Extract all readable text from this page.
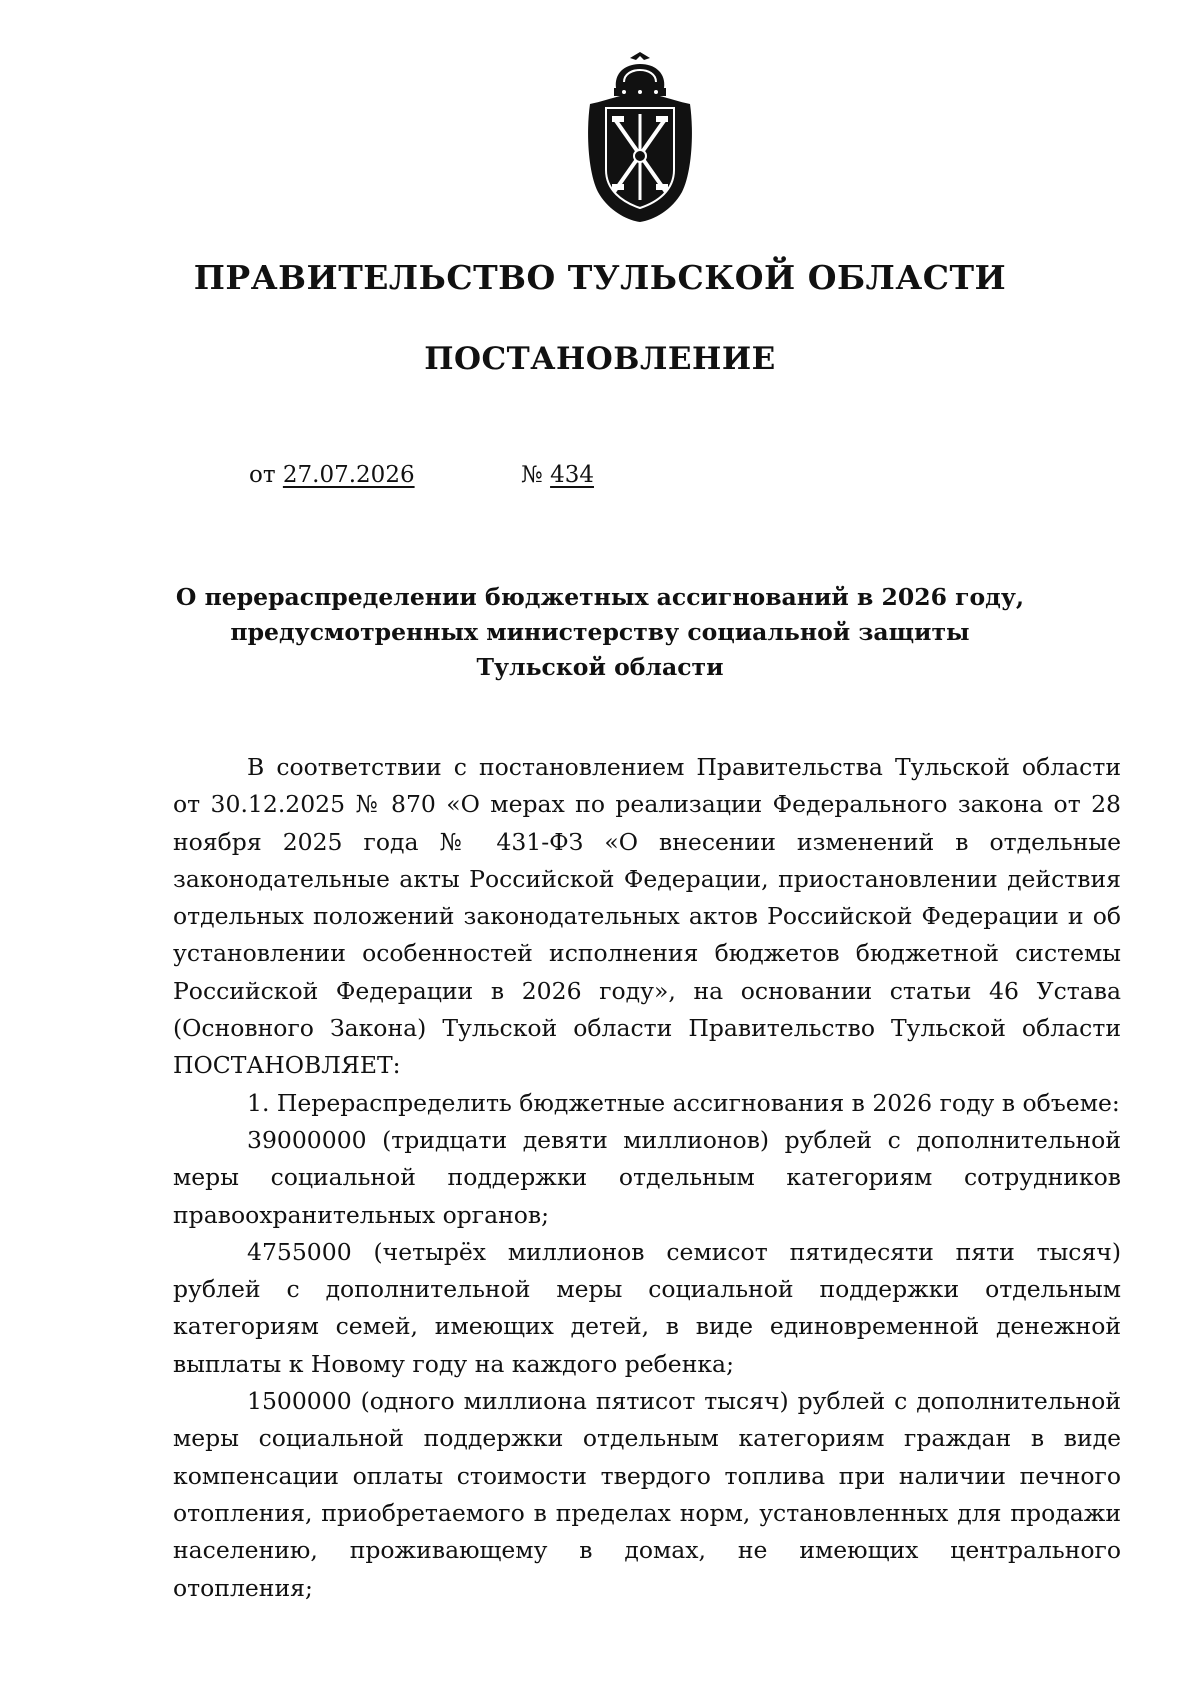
ПРАВИТЕЛЬСТВО ТУЛЬСКОЙ ОБЛАСТИ
ПОСТАНОВЛЕНИЕ
от 27.07.2026	№ 434
О перераспределении бюджетных ассигнований в 2026 году,
предусмотренных министерству социальной защиты
Тульской области

В соответствии с постановлением Правительства Тульской области от 30.12.2025 № 870 «О мерах по реализации Федерального закона от 28 ноября 2025 года № 431-ФЗ «О внесении изменений в отдельные законодательные акты Российской Федерации, приостановлении действия отдельных положений законодательных актов Российской Федерации и об установлении особенностей исполнения бюджетов бюджетной системы Российской Федерации в 2026 году», на основании статьи 46 Устава (Основного Закона) Тульской области Правительство Тульской области ПОСТАНОВЛЯЕТ:

1. Перераспределить бюджетные ассигнования в 2026 году в объеме:

39000000 (тридцати девяти миллионов) рублей с дополнительной меры социальной поддержки отдельным категориям сотрудников правоохранительных органов;

4755000 (четырёх миллионов семисот пятидесяти пяти тысяч) рублей с дополнительной меры социальной поддержки отдельным категориям семей, имеющих детей, в виде единовременной денежной выплаты к Новому году на каждого ребенка;

1500000 (одного миллиона пятисот тысяч) рублей с дополнительной меры социальной поддержки отдельным категориям граждан в виде компенсации оплаты стоимости твердого топлива при наличии печного отопления, приобретаемого в пределах норм, установленных для продажи населению, проживающему в домах, не имеющих центрального отопления;
